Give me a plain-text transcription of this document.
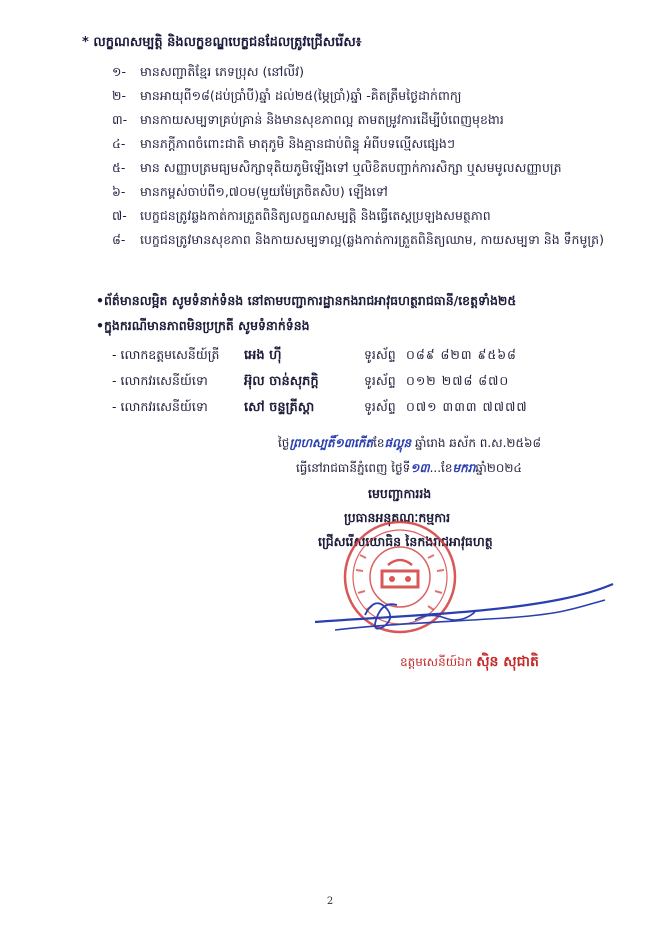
* លក្ខណសម្បត្តិ និងលក្ខខណ្ឌបេក្ខជនដែលត្រូវជ្រើសរើស៖
១-	មានសញ្ជាតិខ្មែរ ភេទប្រុស (នៅលីវ)
២-	មានអាយុពី១៨(ដប់ប្រាំបី)ឆ្នាំ ដល់២៥(ម្ភៃប្រាំ)ឆ្នាំ -គិតត្រឹមថ្ងៃដាក់ពាក្យ
៣-	មានកាយសម្បទាគ្រប់គ្រាន់ និងមានសុខភាពល្អ តាមតម្រូវការដើម្បីបំពេញមុខងារ
៤-	មានភក្ដីភាពចំពោះជាតិ មាតុភូមិ និងគ្មានជាប់ពិន្ទុ អំពីបទល្មើសផ្សេងៗ
៥-	មាន សញ្ញាបត្រមធ្យមសិក្សាទុតិយភូមិឡើងទៅ ឬលិខិតបញ្ជាក់ការសិក្សា ឬសមមូលសញ្ញាបត្រ
៦-	មានកម្ពស់ចាប់ពី១,៧០ម(មួយម៉ែត្រចិតសិប) ឡើងទៅ
៧-	បេក្ខជនត្រូវឆ្លងកាត់ការត្រួតពិនិត្យលក្ខណសម្បត្តិ និងធ្វើតេស្តប្រឡងសមត្ថភាព
៨-	បេក្ខជនត្រូវមានសុខភាព និងកាយសម្បទាល្អ(ឆ្លងកាត់ការត្រួតពិនិត្យឈាម, កាយសម្បទា និង ទឹកមូត្រ)
•ព័ត៌មានលម្អិត សូមទំនាក់ទំនង នៅតាមបញ្ជាការដ្ឋានកងរាជអាវុធហត្ថរាជធានី/ខេត្តទាំង២៥
•ក្នុងករណីមានភាពមិនប្រក្រតី សូមទំនាក់ទំនង
- លោកឧត្តមសេនីយ៍ត្រី	អេង ហ៊ី	ទូរស័ព្ទ ០៨៩ ៨២៣ ៩៥៦៨
- លោកវរសេនីយ៍ទោ	អ៊ុល ចាន់សុភក្តិ	ទូរស័ព្ទ ០១២ ២៧៨ ៨៧០
- លោកវរសេនីយ៍ទោ	សៅ ចន្ទត្រីស្តា	ទូរស័ព្ទ ០៧១ ៣៣៣ ៧៧៧៧
ថ្ងៃព្រហស្បតិ៍១៣កើតខែផល្គុន ឆ្នាំរោង ឆស័ក ព.ស.២៥៦៨
ធ្វើនៅរាជធានីភ្នំពេញ ថ្ងៃទី១៣...ខែមករាឆ្នាំ២០២៤
មេបញ្ជាការរង
ប្រធានអនុគណៈកម្មការ
ជ្រើសរើសយោធិន នៃកងរាជអាវុធហត្ថ
ឧត្តមសេនីយ៍ឯក ស៊ិន សុជាតិ
2
